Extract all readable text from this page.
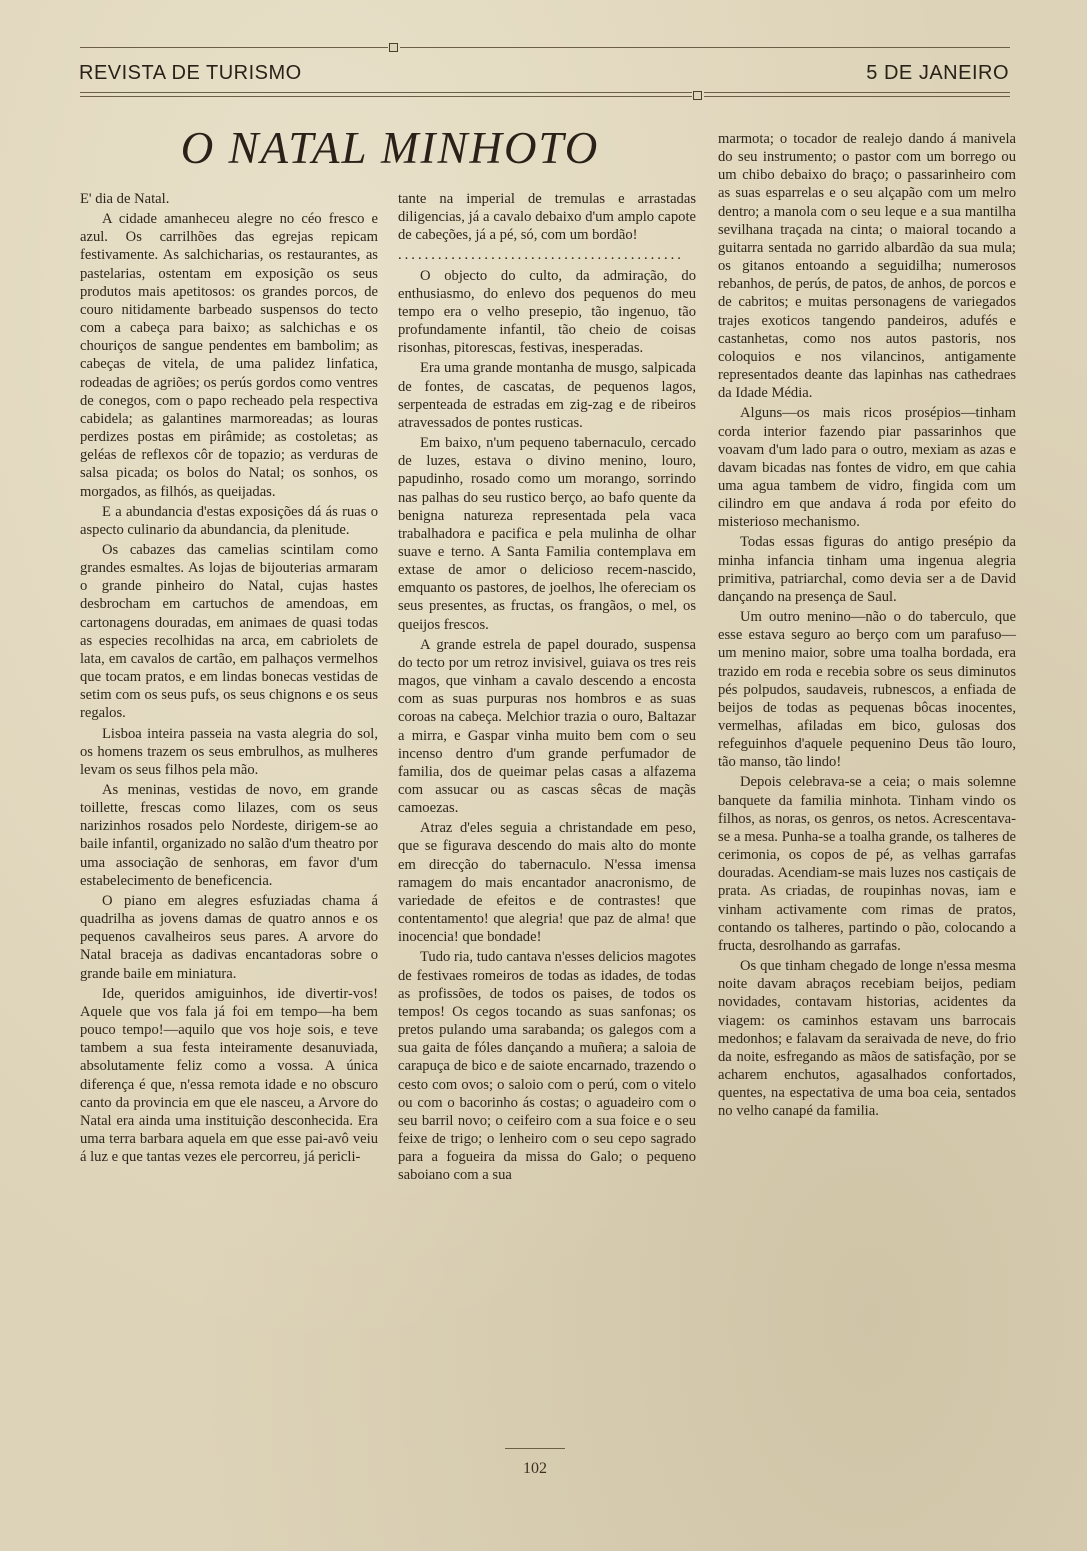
REVISTA DE TURISMO	5 DE JANEIRO
O NATAL MINHOTO

E' dia de Natal.

A cidade amanheceu alegre no céo fresco e azul. Os carrilhões das egrejas repicam festivamente. As salchicharias, os restaurantes, as pastelarias, ostentam em exposição os seus produtos mais apetitosos: os grandes porcos, de couro nitidamente barbeado suspensos do tecto com a cabeça para baixo; as salchichas e os chouriços de sangue pendentes em bambolim; as cabeças de vitela, de uma palidez linfatica, rodeadas de agriões; os perús gordos como ventres de conegos, com o papo recheado pela respectiva cabidela; as galantines marmoreadas; as louras perdizes postas em pirâmide; as costoletas; as geléas de reflexos côr de topazio; as verduras de salsa picada; os bolos do Natal; os sonhos, os morgados, as filhós, as queijadas.

E a abundancia d'estas exposições dá ás ruas o aspecto culinario da abundancia, da plenitude.

Os cabazes das camelias scintilam como grandes esmaltes. As lojas de bijouterias armaram o grande pinheiro do Natal, cujas hastes desbrocham em cartuchos de amendoas, em cartonagens douradas, em animaes de quasi todas as especies recolhidas na arca, em cabriolets de lata, em cavalos de cartão, em palhaços vermelhos que tocam pratos, e em lindas bonecas vestidas de setim com os seus pufs, os seus chignons e os seus regalos.

Lisboa inteira passeia na vasta alegria do sol, os homens trazem os seus embrulhos, as mulheres levam os seus filhos pela mão.

As meninas, vestidas de novo, em grande toillette, frescas como lilazes, com os seus narizinhos rosados pelo Nordeste, dirigem-se ao baile infantil, organizado no salão d'um theatro por uma associação de senhoras, em favor d'um estabelecimento de beneficencia.

O piano em alegres esfuziadas chama á quadrilha as jovens damas de quatro annos e os pequenos cavalheiros seus pares. A arvore do Natal braceja as dadivas encantadoras sobre o grande baile em miniatura.

Ide, queridos amiguinhos, ide divertir-vos! Aquele que vos fala já foi em tempo—ha bem pouco tempo!—aquilo que vos hoje sois, e teve tambem a sua festa inteiramente desanuviada, absolutamente feliz como a vossa. A única diferença é que, n'essa remota idade e no obscuro canto da provincia em que ele nasceu, a Arvore do Natal era ainda uma instituição desconhecida. Era uma terra barbara aquela em que esse pai-avô veiu á luz e que tantas vezes ele percorreu, já pericli-

tante na imperial de tremulas e arrastadas diligencias, já a cavalo debaixo d'um amplo capote de cabeções, já a pé, só, com um bordão!

...........................................

O objecto do culto, da admiração, do enthusiasmo, do enlevo dos pequenos do meu tempo era o velho presepio, tão ingenuo, tão profundamente infantil, tão cheio de coisas risonhas, pitorescas, festivas, inesperadas.

Era uma grande montanha de musgo, salpicada de fontes, de cascatas, de pequenos lagos, serpenteada de estradas em zig-zag e de ribeiros atravessados de pontes rusticas.

Em baixo, n'um pequeno tabernaculo, cercado de luzes, estava o divino menino, louro, papudinho, rosado como um morango, sorrindo nas palhas do seu rustico berço, ao bafo quente da benigna natureza representada pela vaca trabalhadora e pacifica e pela mulinha de olhar suave e terno. A Santa Familia contemplava em extase de amor o delicioso recem-nascido, emquanto os pastores, de joelhos, lhe ofereciam os seus presentes, as fructas, os frangãos, o mel, os queijos frescos.

A grande estrela de papel dourado, suspensa do tecto por um retroz invisivel, guiava os tres reis magos, que vinham a cavalo descendo a encosta com as suas purpuras nos hombros e as suas coroas na cabeça. Melchior trazia o ouro, Baltazar a mirra, e Gaspar vinha muito bem com o seu incenso dentro d'um grande perfumador de familia, dos de queimar pelas casas a alfazema com assucar ou as cascas sêcas de maçãs camoezas.

Atraz d'eles seguia a christandade em peso, que se figurava descendo do mais alto do monte em direcção do tabernaculo. N'essa imensa ramagem do mais encantador anacronismo, de variedade de efeitos e de contrastes! que contentamento! que alegria! que paz de alma! que inocencia! que bondade!

Tudo ria, tudo cantava n'esses delicios magotes de festivaes romeiros de todas as idades, de todas as profissões, de todos os paises, de todos os tempos! Os cegos tocando as suas sanfonas; os pretos pulando uma sarabanda; os galegos com a sua gaita de fóles dançando a muñera; a saloia de carapuça de bico e de saiote encarnado, trazendo o cesto com ovos; o saloio com o perú, com o vitelo ou com o bacorinho ás costas; o aguadeiro com o seu barril novo; o ceifeiro com a sua foice e o seu feixe de trigo; o lenheiro com o seu cepo sagrado para a fogueira da missa do Galo; o pequeno saboiano com a sua

marmota; o tocador de realejo dando á manivela do seu instrumento; o pastor com um borrego ou um chibo debaixo do braço; o passarinheiro com as suas esparrelas e o seu alçapão com um melro dentro; a manola com o seu leque e a sua mantilha sevilhana traçada na cinta; o maioral tocando a guitarra sentada no garrido albardão da sua mula; os gitanos entoando a seguidilha; numerosos rebanhos, de perús, de patos, de anhos, de porcos e de cabritos; e muitas personagens de variegados trajes exoticos tangendo pandeiros, adufés e castanhetas, como nos autos pastoris, nos coloquios e nos vilancinos, antigamente representados deante das lapinhas nas cathedraes da Idade Média.

Alguns—os mais ricos prosépios—tinham corda interior fazendo piar passarinhos que voavam d'um lado para o outro, mexiam as azas e davam bicadas nas fontes de vidro, em que cahia uma agua tambem de vidro, fingida com um cilindro em que andava á roda por efeito do misterioso mechanismo.

Todas essas figuras do antigo presépio da minha infancia tinham uma ingenua alegria primitiva, patriarchal, como devia ser a de David dançando na presença de Saul.

Um outro menino—não o do taberculo, que esse estava seguro ao berço com um parafuso—um menino maior, sobre uma toalha bordada, era trazido em roda e recebia sobre os seus diminutos pés polpudos, saudaveis, rubnescos, a enfiada de beijos de todas as pequenas bôcas inocentes, vermelhas, afiladas em bico, gulosas dos refeguinhos d'aquele pequenino Deus tão louro, tão manso, tão lindo!

Depois celebrava-se a ceia; o mais solemne banquete da familia minhota. Tinham vindo os filhos, as noras, os genros, os netos. Acrescentava-se a mesa. Punha-se a toalha grande, os talheres de cerimonia, os copos de pé, as velhas garrafas douradas. Acendiam-se mais luzes nos castiçais de prata. As criadas, de roupinhas novas, iam e vinham activamente com rimas de pratos, contando os talheres, partindo o pão, colocando a fructa, desrolhando as garrafas.

Os que tinham chegado de longe n'essa mesma noite davam abraços recebiam beijos, pediam novidades, contavam historias, acidentes da viagem: os caminhos estavam uns barrocais medonhos; e falavam da seraivada de neve, do frio da noite, esfregando as mãos de satisfação, por se acharem enchutos, agasalhados confortados, quentes, na espectativa de uma boa ceia, sentados no velho canapé da familia.

102
